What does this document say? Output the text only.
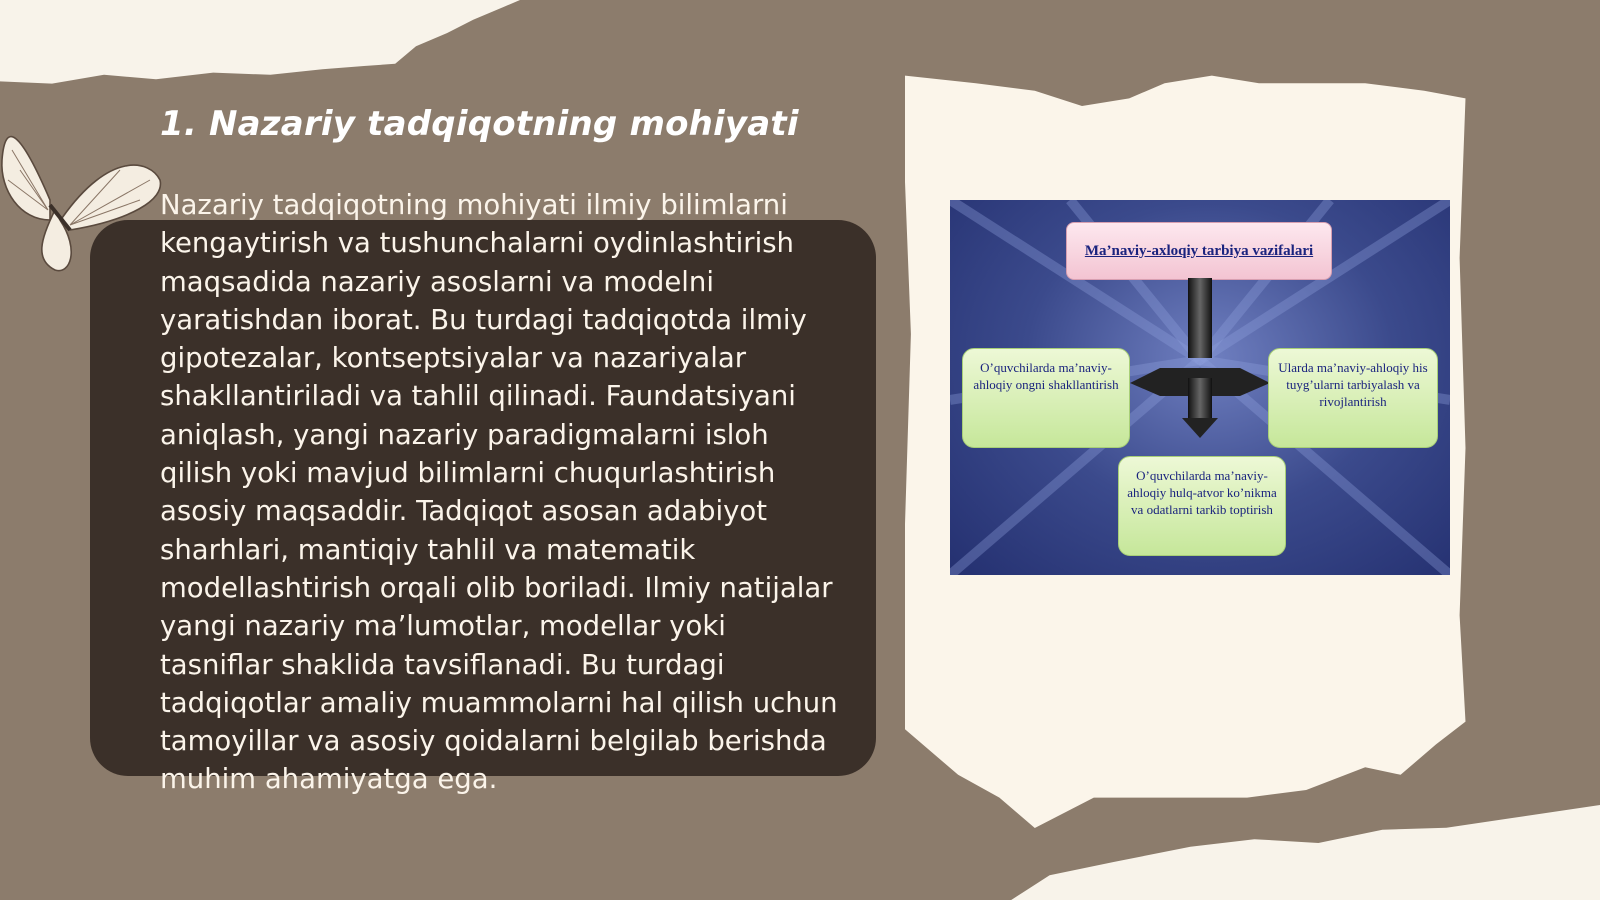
1. Nazariy tadqiqotning mohiyati

Nazariy tadqiqotning mohiyati ilmiy bilimlarni kengaytirish va tushunchalarni oydinlashtirish maqsadida nazariy asoslarni va modelni yaratishdan iborat. Bu turdagi tadqiqotda ilmiy gipotezalar, kontseptsiyalar va nazariyalar shakllantiriladi va tahlil qilinadi. Faundatsiyani aniqlash, yangi nazariy paradigmalarni isloh qilish yoki mavjud bilimlarni chuqurlashtirish asosiy maqsaddir. Tadqiqot asosan adabiyot sharhlari, mantiqiy tahlil va matematik modellashtirish orqali olib boriladi. Ilmiy natijalar yangi nazariy ma’lumotlar, modellar yoki tasniflar shaklida tavsiflanadi. Bu turdagi tadqiqotlar amaliy muammolarni hal qilish uchun tamoyillar va asosiy qoidalarni belgilab berishda muhim ahamiyatga ega.

Ma’naviy-axloqiy tarbiya vazifalari
O’quvchilarda ma’naviy-ahloqiy ongni shakllantirish
Ularda ma’naviy-ahloqiy his tuyg’ularni tarbiyalash va rivojlantirish
O’quvchilarda ma’naviy-ahloqiy hulq-atvor ko’nikma va odatlarni tarkib toptirish
